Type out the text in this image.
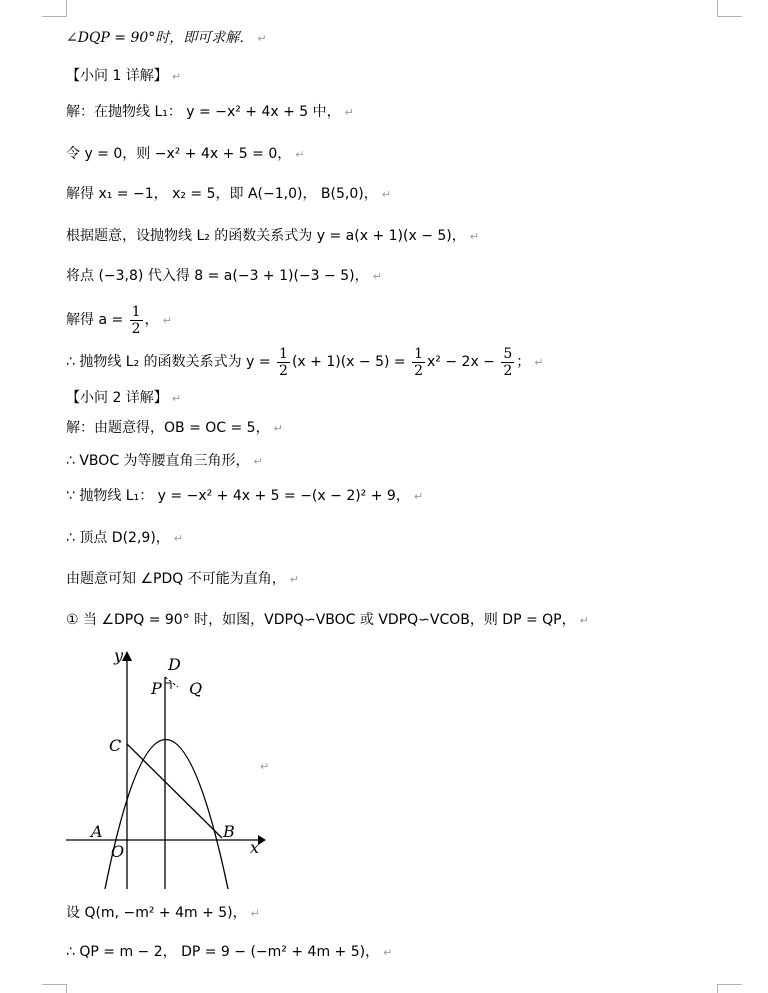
∠DQP = 90°时，即可求解． ↵
【小问 1 详解】 ↵
解：在抛物线 L₁： y = −x² + 4x + 5 中， ↵
令 y = 0，则 −x² + 4x + 5 = 0， ↵
解得 x₁ = −1， x₂ = 5，即 A(−1,0)， B(5,0)， ↵
根据题意，设抛物线 L₂ 的函数关系式为 y = a(x + 1)(x − 5)， ↵
将点 (−3,8) 代入得 8 = a(−3 + 1)(−3 − 5)， ↵
解得 $a = \frac{1}{2}$ ， ↵
∴ 抛物线 L₂ 的函数关系式为 $y = \frac{1}{2} (x + 1)(x - 5) = \frac{1}{2} x^2 - 2x - \frac{5}{2}$ ； ↵
【小问 2 详解】 ↵
解：由题意得，OB = OC = 5， ↵
∴ VBOC 为等腰直角三角形， ↵
∵ 抛物线 L₁： y = −x² + 4x + 5 = −(x − 2)² + 9， ↵
∴ 顶点 D(2,9)， ↵
由题意可知 ∠PDQ 不可能为直角， ↵
① 当 ∠DPQ = 90° 时，如图，VDPQ∽VBOC 或 VDPQ∽VCOB，则 DP = QP， ↵
y	D
P Q
C
A	B
O	x
↵
设 Q(m, −m² + 4m + 5)， ↵
∴ QP = m − 2， DP = 9 − (−m² + 4m + 5)， ↵
